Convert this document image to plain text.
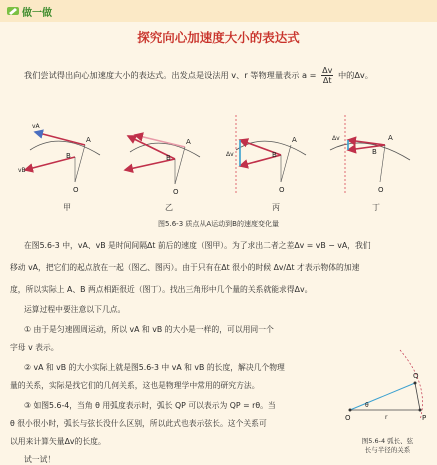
做一做
探究向心加速度大小的表达式
我们尝试得出向心加速度大小的表达式。出发点是设法用 v、r 等物理量表示 $a = \frac{\Delta v}{\Delta t}$ 中的Δv。
A
B
O
vA
vB
A
B
O
A
B
O
Δv
A
B
O
Δv
甲	乙	丙	丁
图5.6-3 质点从A运动到B的速度变化量
在图5.6-3 中，vA、vB 是时间间隔Δt 前后的速度（图甲）。为了求出二者之差Δv = vB − vA，我们
移动 vA，把它们的起点放在一起（图乙、图丙）。由于只有在Δt 很小的时候 Δv/Δt 才表示物体的加速
度，所以实际上 A、B 两点相距很近（图丁）。找出三角形中几个量的关系就能求得Δv。
运算过程中要注意以下几点。
① 由于是匀速圆周运动，所以 vA 和 vB 的大小是一样的，可以用同一个
字母 v 表示。
② vA 和 vB 的大小实际上就是图5.6-3 中 vA 和 vB 的长度，解决几个物理
量的关系，实际是找它们的几何关系，这也是物理学中常用的研究方法。
③ 如图5.6-4，当角 θ 用弧度表示时，弧长 QP 可以表示为 QP = rθ。当
θ 很小很小时，弧长与弦长没什么区别，所以此式也表示弦长。这个关系可
以用来计算矢量Δv的长度。
试一试！
O
Q
P
θ
r
图5.6-4 弧长、弦
长与半径的关系
